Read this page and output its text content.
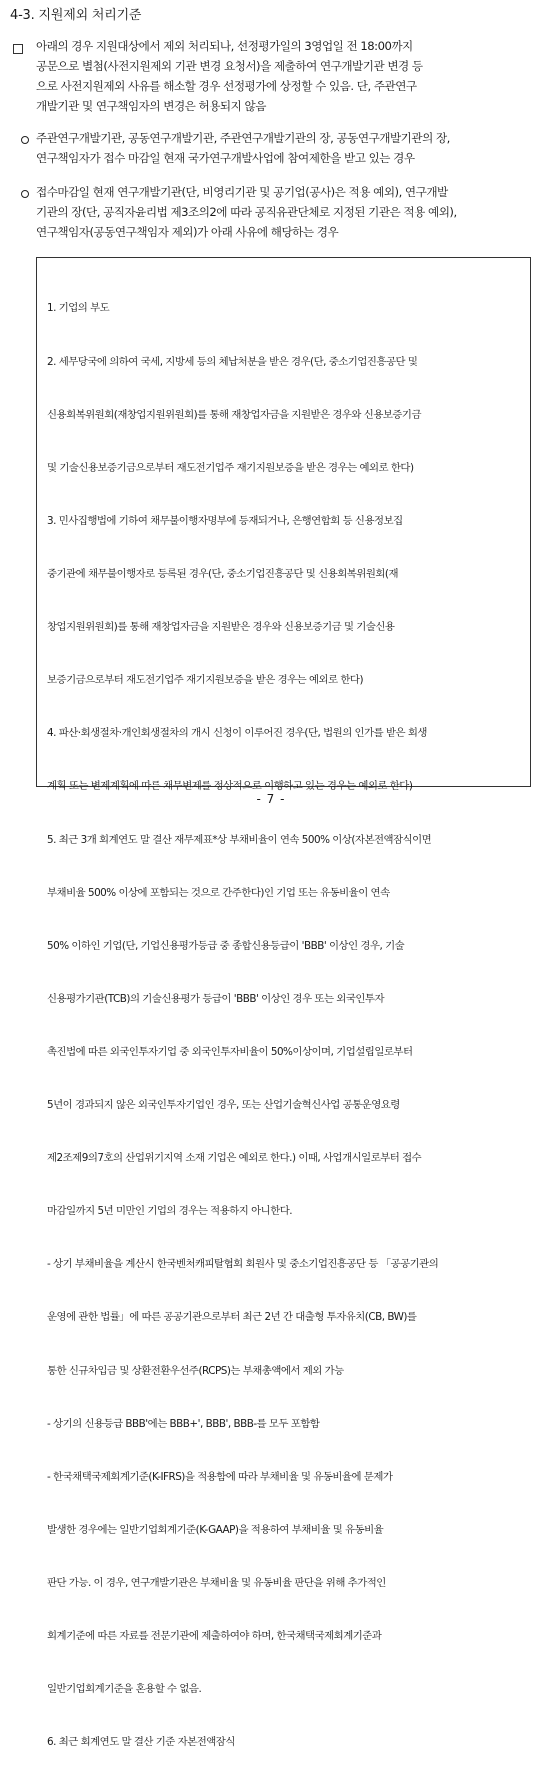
4-3. 지원제외 처리기준
아래의 경우 지원대상에서 제외 처리되나, 선정평가일의 3영업일 전 18:00까지
공문으로 별첨(사전지원제외 기관 변경 요청서)을 제출하여 연구개발기관 변경 등
으로 사전지원제외 사유를 해소할 경우 선정평가에 상정할 수 있음. 단, 주관연구
개발기관 및 연구책임자의 변경은 허용되지 않음
주관연구개발기관, 공동연구개발기관, 주관연구개발기관의 장, 공동연구개발기관의 장,
연구책임자가 접수 마감일 현재 국가연구개발사업에 참여제한을 받고 있는 경우
접수마감일 현재 연구개발기관(단, 비영리기관 및 공기업(공사)은 적용 예외), 연구개발
기관의 장(단, 공직자윤리법 제3조의2에 따라 공직유관단체로 지정된 기관은 적용 예외),
연구책임자(공동연구책임자 제외)가 아래 사유에 해당하는 경우

1. 기업의 부도

2. 세무당국에 의하여 국세, 지방세 등의 체납처분을 받은 경우(단, 중소기업진흥공단 및

신용회복위원회(재창업지원위원회)를 통해 재창업자금을 지원받은 경우와 신용보증기금

및 기술신용보증기금으로부터 재도전기업주 재기지원보증을 받은 경우는 예외로 한다)

3. 민사집행법에 기하여 채무불이행자명부에 등재되거나, 은행연합회 등 신용정보집

중기관에 채무불이행자로 등록된 경우(단, 중소기업진흥공단 및 신용회복위원회(재

창업지원위원회)를 통해 재창업자금을 지원받은 경우와 신용보증기금 및 기술신용

보증기금으로부터 재도전기업주 재기지원보증을 받은 경우는 예외로 한다)

4. 파산·회생절차·개인회생절차의 개시 신청이 이루어진 경우(단, 법원의 인가를 받은 회생

계획 또는 변제계획에 따른 채무변제를 정상적으로 이행하고 있는 경우는 예외로 한다)

5. 최근 3개 회계연도 말 결산 재무제표*상 부채비율이 연속 500% 이상(자본전액잠식이면

부채비율 500% 이상에 포함되는 것으로 간주한다)인 기업 또는 유동비율이 연속

50% 이하인 기업(단, 기업신용평가등급 중 종합신용등급이 'BBB' 이상인 경우, 기술

신용평가기관(TCB)의 기술신용평가 등급이 'BBB' 이상인 경우 또는 외국인투자

촉진법에 따른 외국인투자기업 중 외국인투자비율이 50%이상이며, 기업설립일로부터

5년이 경과되지 않은 외국인투자기업인 경우, 또는 산업기술혁신사업 공통운영요령

제2조제9의7호의 산업위기지역 소재 기업은 예외로 한다.) 이때, 사업개시일로부터 접수

마감일까지 5년 미만인 기업의 경우는 적용하지 아니한다.

- 상기 부채비율을 계산시 한국벤처캐피탈협회 회원사 및 중소기업진흥공단 등 「공공기관의

운영에 관한 법률」에 따른 공공기관으로부터 최근 2년 간 대출형 투자유치(CB, BW)를

통한 신규차입금 및 상환전환우선주(RCPS)는 부채총액에서 제외 가능

- 상기의 신용등급 BBB'에는 BBB+', BBB', BBB-를 모두 포함함

- 한국채택국제회계기준(K-IFRS)을 적용함에 따라 부채비율 및 유동비율에 문제가

발생한 경우에는 일반기업회계기준(K-GAAP)을 적용하여 부채비율 및 유동비율

판단 가능. 이 경우, 연구개발기관은 부채비율 및 유동비율 판단을 위해 추가적인

회계기준에 따른 자료를 전문기관에 제출하여야 하며, 한국채택국제회계기준과

일반기업회계기준을 혼용할 수 없음.

6. 최근 회계연도 말 결산 기준 자본전액잠식

- 7 -
